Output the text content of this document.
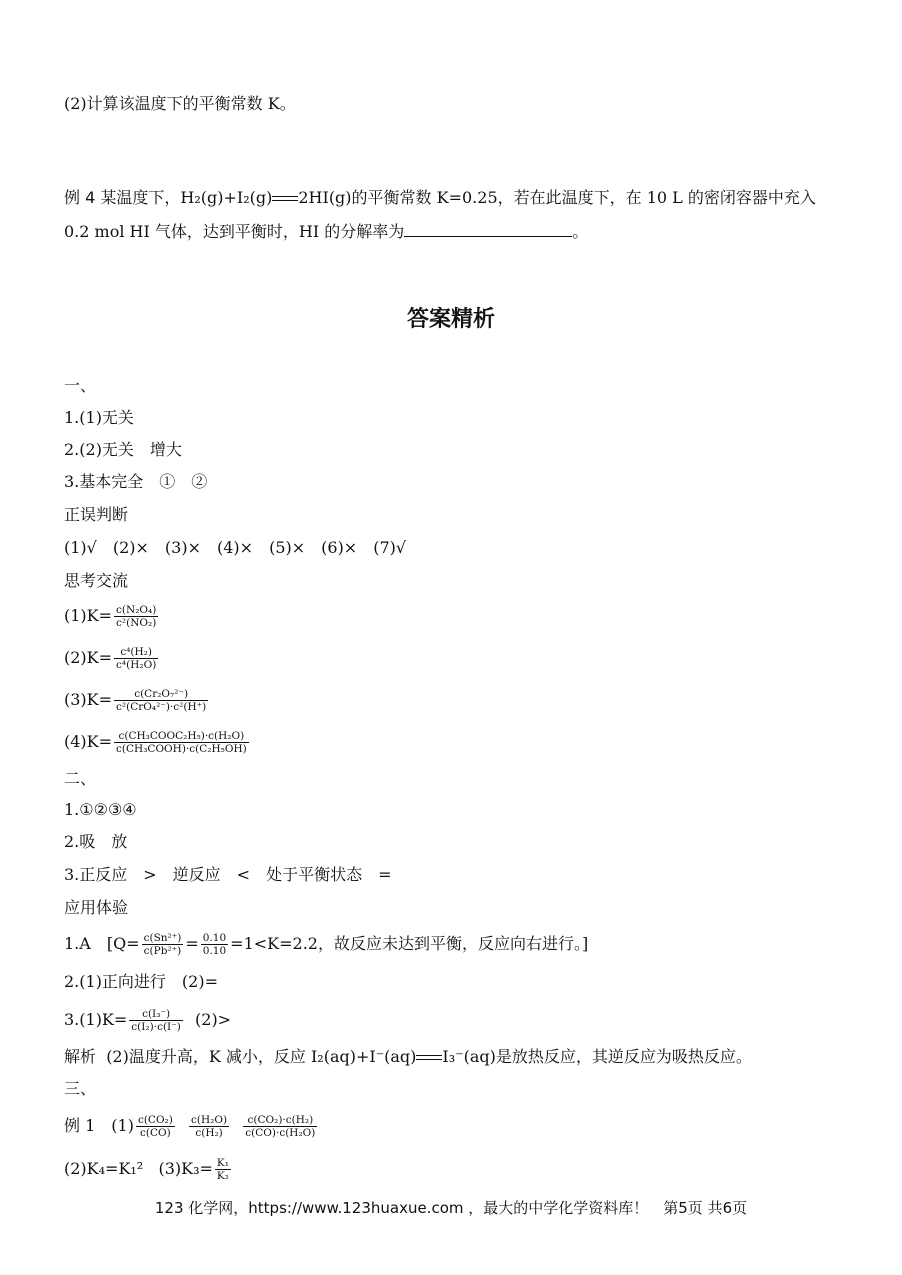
(2)计算该温度下的平衡常数 K。
例 4 某温度下，H₂(g)+I₂(g) 2HI(g)的平衡常数 K=0.25，若在此温度下，在 10 L 的密闭容器中充入
0.2 mol HI 气体，达到平衡时，HI 的分解率为	。
答案精析
一、
1.(1)无关
2.(2)无关　增大
3.基本完全　①　②
正误判断
(1)√　(2)×　(3)×　(4)×　(5)×　(6)×　(7)√
思考交流
$(1)K= \frac{\text{c(N₂O₄)}}{\text{c²(NO₂)}}$
$(2)K= \frac{\text{c⁴(H₂)}}{\text{c⁴(H₂O)}}$
$(3)K= \frac{\text{c(Cr₂O₇²⁻)}}{\text{c²(CrO₄²⁻)·c²(H⁺)}}$
$(4)K= \frac{\text{c(CH₃COOC₂H₅)·c(H₂O)}}{\text{c(CH₃COOH)·c(C₂H₅OH)}}$
二、
1.①②③④
2.吸　放
3.正反应　>　逆反应　<　处于平衡状态　=
应用体验
1.A　[$Q= \frac{\text{c(Sn²⁺)}}{\text{c(Pb²⁺)}} = \frac{0.10}{0.10} =1<K=2.2$，故反应未达到平衡，反应向右进行。]
2.(1)正向进行　(2)=
$3.(1)K= \frac{\text{c(I₃⁻)}}{\text{c(I₂)·c(I⁻)}} (2)>$
解析 (2)温度升高，K 减小，反应 I₂(aq)+I⁻(aq) I₃⁻(aq)是放热反应，其逆反应为吸热反应。
三、
例 1　$(1) \frac{\text{c(CO₂)}}{c(CO)}$
$\frac{\text{c(H₂O)}}{\text{c(H₂)}}$
$\frac{\text{c(CO₂)·c(H₂)}}{\text{c(CO)·c(H₂O)}}$
(2)K₄=K₁² $(3)K_3= \frac{\text{K₁}}{\text{K₂}}$
123 化学网，https://www.123huaxue.com ，最大的中学化学资料库！　第5页 共6页
